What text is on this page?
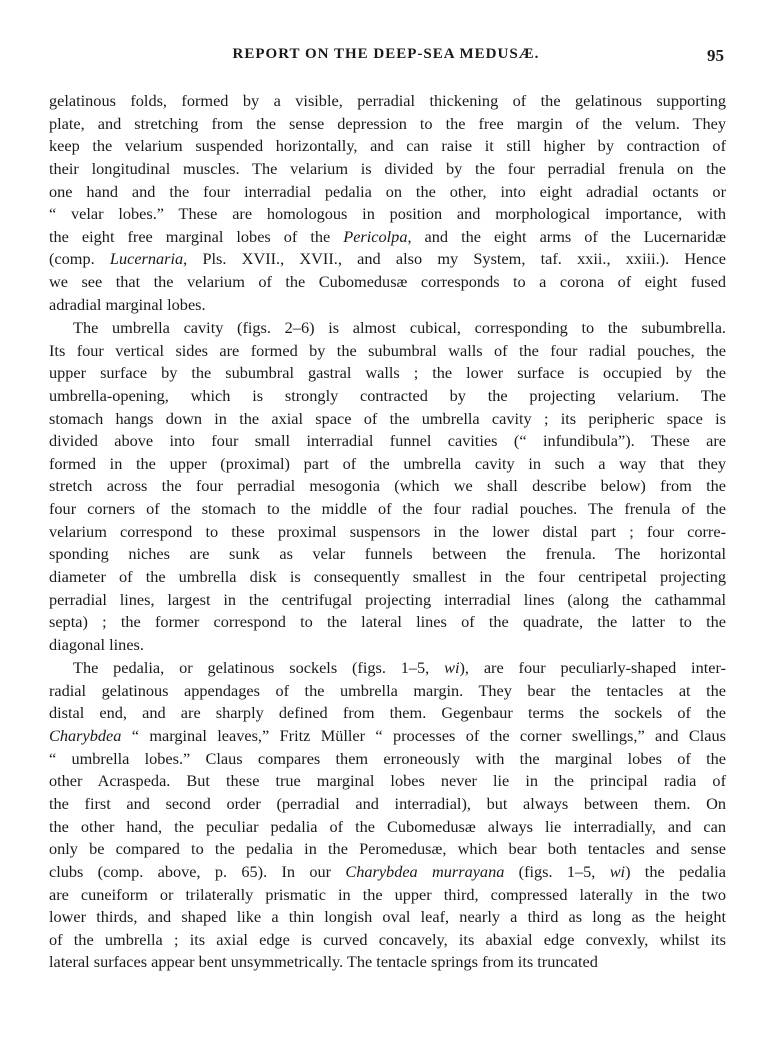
REPORT ON THE DEEP-SEA MEDUSÆ.	95
gelatinous folds, formed by a visible, perradial thickening of the gelatinous supporting
plate, and stretching from the sense depression to the free margin of the velum. They
keep the velarium suspended horizontally, and can raise it still higher by contraction of
their longitudinal muscles. The velarium is divided by the four perradial frenula on the
one hand and the four interradial pedalia on the other, into eight adradial octants or
“ velar lobes.” These are homologous in position and morphological importance, with
the eight free marginal lobes of the Pericolpa, and the eight arms of the Lucernaridæ
(comp. Lucernaria, Pls. XVII., XVII., and also my System, taf. xxii., xxiii.). Hence
we see that the velarium of the Cubomedusæ corresponds to a corona of eight fused
adradial marginal lobes.
The umbrella cavity (figs. 2–6) is almost cubical, corresponding to the subumbrella.
Its four vertical sides are formed by the subumbral walls of the four radial pouches, the
upper surface by the subumbral gastral walls ; the lower surface is occupied by the
umbrella-opening, which is strongly contracted by the projecting velarium. The
stomach hangs down in the axial space of the umbrella cavity ; its peripheric space is
divided above into four small interradial funnel cavities (“ infundibula”). These are
formed in the upper (proximal) part of the umbrella cavity in such a way that they
stretch across the four perradial mesogonia (which we shall describe below) from the
four corners of the stomach to the middle of the four radial pouches. The frenula of the
velarium correspond to these proximal suspensors in the lower distal part ; four corre-
sponding niches are sunk as velar funnels between the frenula. The horizontal
diameter of the umbrella disk is consequently smallest in the four centripetal projecting
perradial lines, largest in the centrifugal projecting interradial lines (along the cathammal
septa) ; the former correspond to the lateral lines of the quadrate, the latter to the
diagonal lines.
The pedalia, or gelatinous sockels (figs. 1–5, wi), are four peculiarly-shaped inter-
radial gelatinous appendages of the umbrella margin. They bear the tentacles at the
distal end, and are sharply defined from them. Gegenbaur terms the sockels of the
Charybdea “ marginal leaves,” Fritz Müller “ processes of the corner swellings,” and Claus
“ umbrella lobes.” Claus compares them erroneously with the marginal lobes of the
other Acraspeda. But these true marginal lobes never lie in the principal radia of
the first and second order (perradial and interradial), but always between them. On
the other hand, the peculiar pedalia of the Cubomedusæ always lie interradially, and can
only be compared to the pedalia in the Peromedusæ, which bear both tentacles and sense
clubs (comp. above, p. 65). In our Charybdea murrayana (figs. 1–5, wi) the pedalia
are cuneiform or trilaterally prismatic in the upper third, compressed laterally in the two
lower thirds, and shaped like a thin longish oval leaf, nearly a third as long as the height
of the umbrella ; its axial edge is curved concavely, its abaxial edge convexly, whilst its
lateral surfaces appear bent unsymmetrically. The tentacle springs from its truncated
